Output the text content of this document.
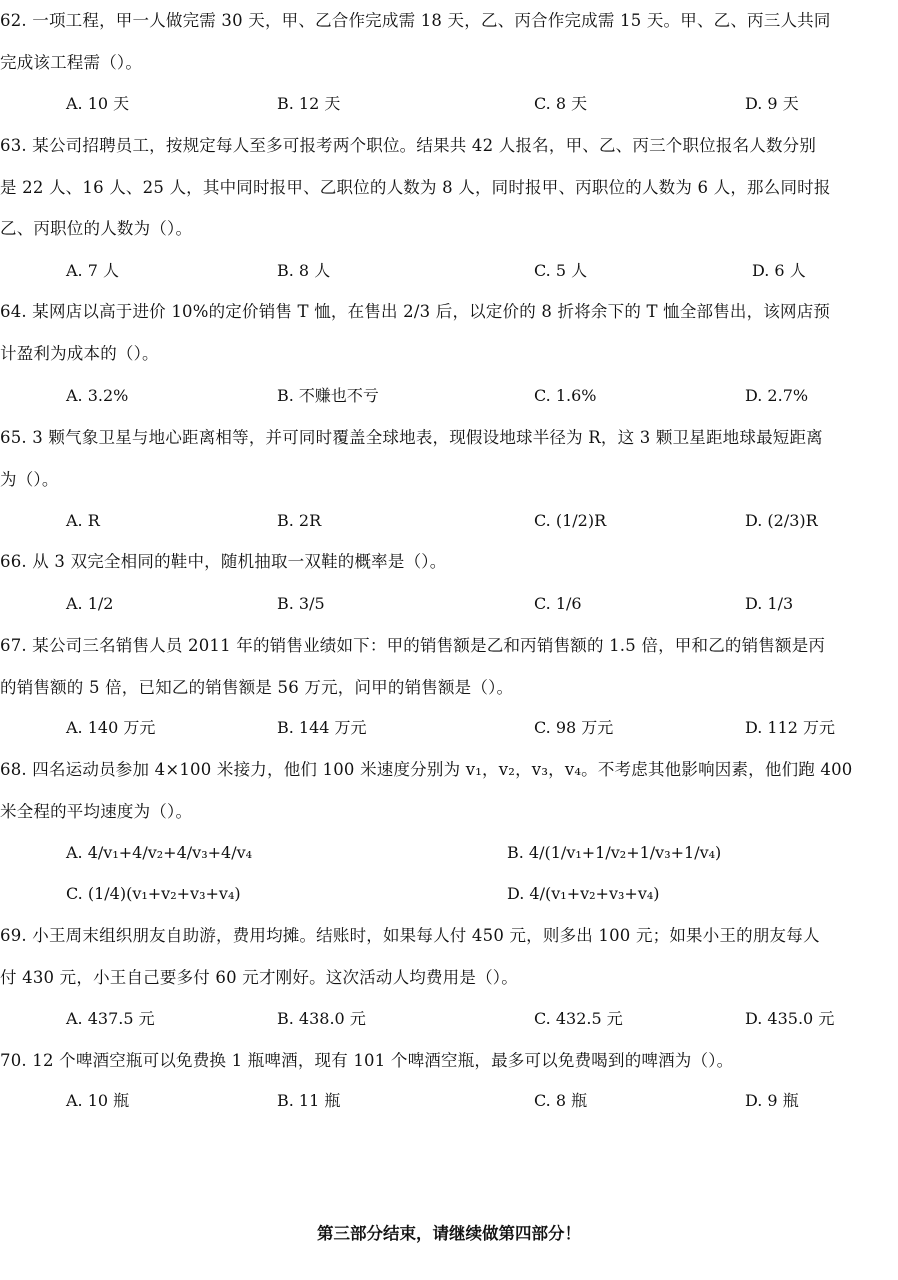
62. 一项工程，甲一人做完需 30 天，甲、乙合作完成需 18 天，乙、丙合作完成需 15 天。甲、乙、丙三人共同
完成该工程需（）。
A. 10 天	B. 12 天	C. 8 天	D. 9 天
63. 某公司招聘员工，按规定每人至多可报考两个职位。结果共 42 人报名，甲、乙、丙三个职位报名人数分别
是 22 人、16 人、25 人，其中同时报甲、乙职位的人数为 8 人，同时报甲、丙职位的人数为 6 人，那么同时报
乙、丙职位的人数为（）。
A. 7 人	B. 8 人	C. 5 人	D. 6 人
64. 某网店以高于进价 10%的定价销售 T 恤，在售出 2/3 后，以定价的 8 折将余下的 T 恤全部售出，该网店预
计盈利为成本的（）。
A. 3.2%	B. 不赚也不亏	C. 1.6%	D. 2.7%
65. 3 颗气象卫星与地心距离相等，并可同时覆盖全球地表，现假设地球半径为 R，这 3 颗卫星距地球最短距离
为（）。
A. R	B. 2R	C. (1/2)R	D. (2/3)R
66. 从 3 双完全相同的鞋中，随机抽取一双鞋的概率是（）。
A. 1/2	B. 3/5	C. 1/6	D. 1/3
67. 某公司三名销售人员 2011 年的销售业绩如下：甲的销售额是乙和丙销售额的 1.5 倍，甲和乙的销售额是丙
的销售额的 5 倍，已知乙的销售额是 56 万元，问甲的销售额是（）。
A. 140 万元	B. 144 万元	C. 98 万元	D. 112 万元
68. 四名运动员参加 4×100 米接力，他们 100 米速度分别为 v₁，v₂，v₃，v₄。不考虑其他影响因素，他们跑 400
米全程的平均速度为（）。
A. 4/v₁+4/v₂+4/v₃+4/v₄	B. 4/(1/v₁+1/v₂+1/v₃+1/v₄)
C. (1/4)(v₁+v₂+v₃+v₄)	D. 4/(v₁+v₂+v₃+v₄)
69. 小王周末组织朋友自助游，费用均摊。结账时，如果每人付 450 元，则多出 100 元；如果小王的朋友每人
付 430 元，小王自己要多付 60 元才刚好。这次活动人均费用是（）。
A. 437.5 元	B. 438.0 元	C. 432.5 元	D. 435.0 元
70. 12 个啤酒空瓶可以免费换 1 瓶啤酒，现有 101 个啤酒空瓶，最多可以免费喝到的啤酒为（）。
A. 10 瓶	B. 11 瓶	C. 8 瓶	D. 9 瓶
第三部分结束，请继续做第四部分！
